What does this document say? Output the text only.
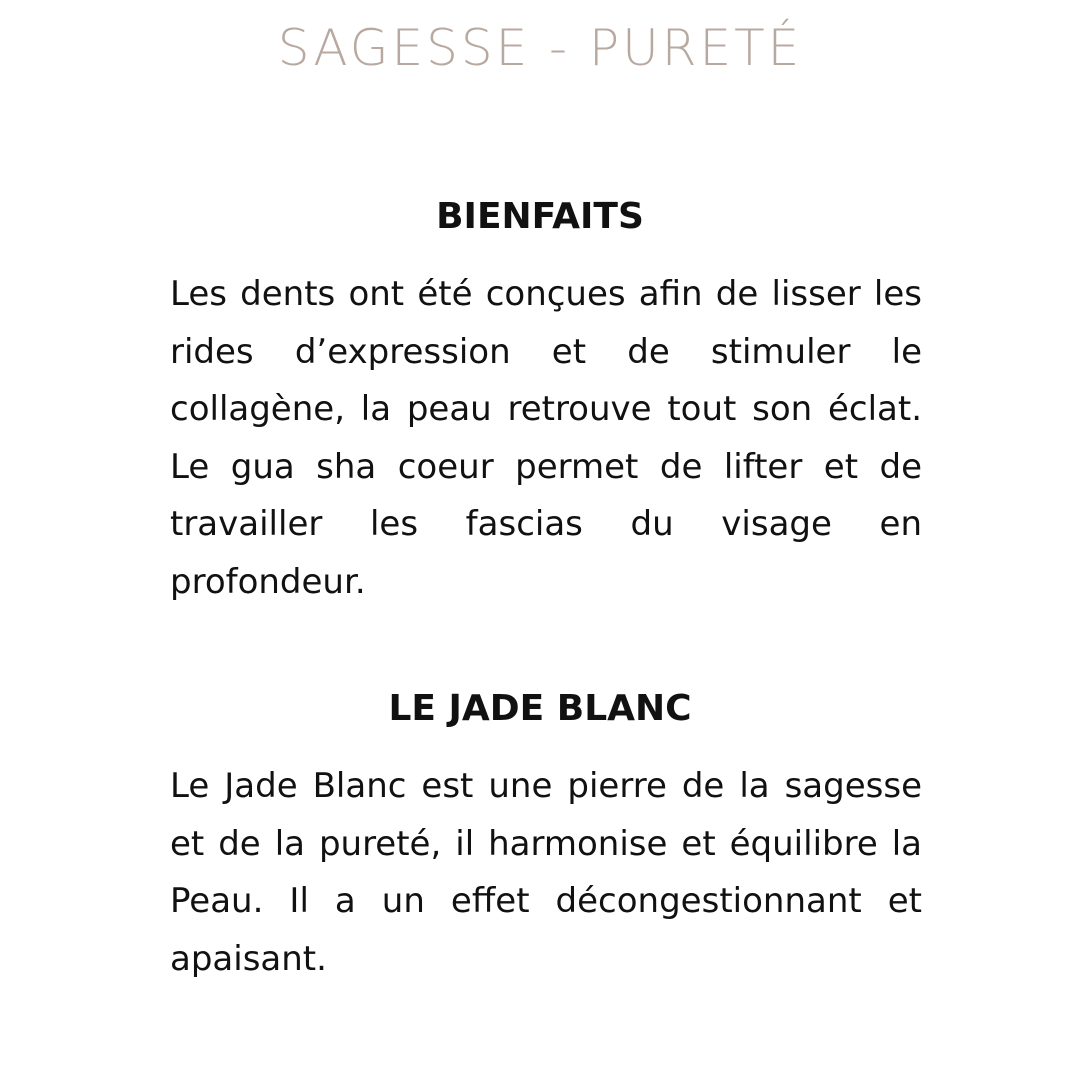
SAGESSE - PURETÉ
BIENFAITS

Les dents ont été conçues afin de lisser les rides d’expression et de stimuler le collagène, la peau retrouve tout son éclat. Le gua sha coeur permet de lifter et de travailler les fascias du visage en profondeur.

LE JADE BLANC

Le Jade Blanc est une pierre de la sagesse et de la pureté, il harmonise et équilibre la Peau. Il a un effet décongestionnant et apaisant.
